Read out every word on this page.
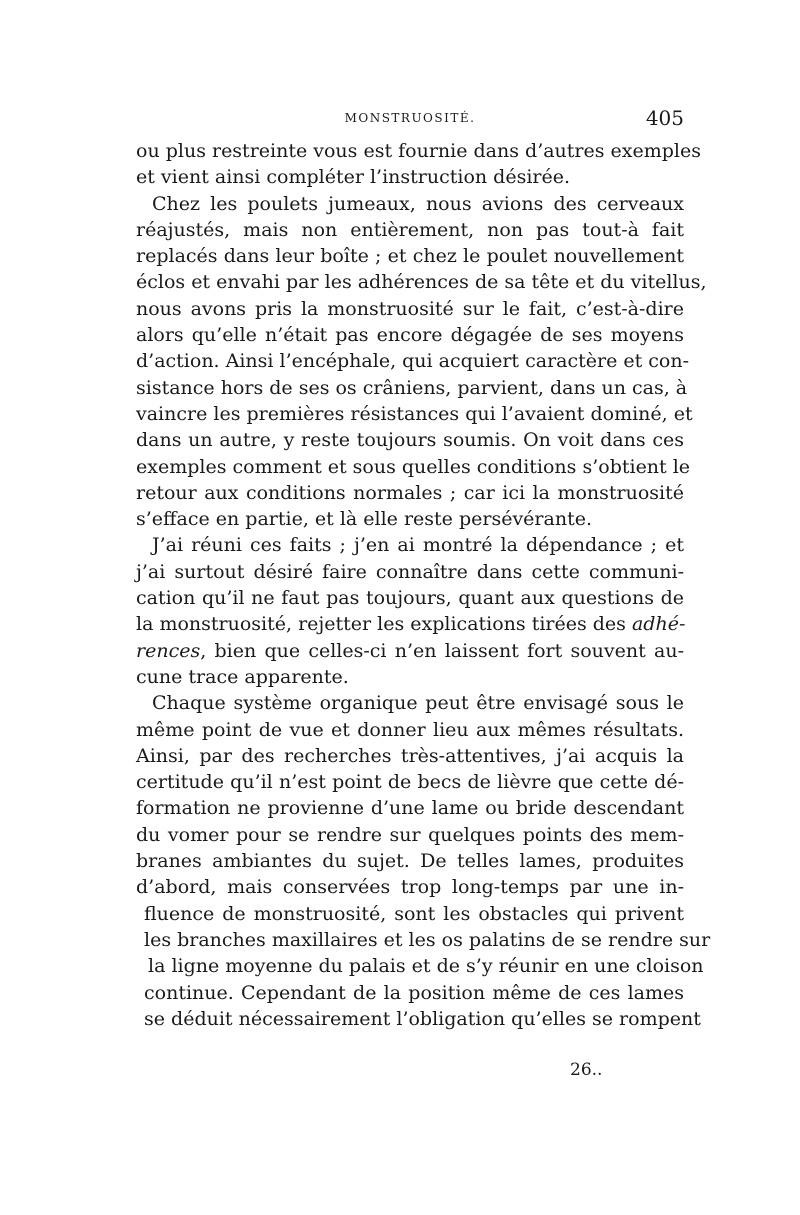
MONSTRUOSITÉ.	405
ou plus restreinte vous est fournie dans d’autres exemples
et vient ainsi compléter l’instruction désirée.
Chez les poulets jumeaux, nous avions des cerveaux
réajustés, mais non entièrement, non pas tout-à fait
replacés dans leur boîte ; et chez le poulet nouvellement
éclos et envahi par les adhérences de sa tête et du vitellus,
nous avons pris la monstruosité sur le fait, c’est-à-dire
alors qu’elle n’était pas encore dégagée de ses moyens
d’action. Ainsi l’encéphale, qui acquiert caractère et con-
sistance hors de ses os crâniens, parvient, dans un cas, à
vaincre les premières résistances qui l’avaient dominé, et
dans un autre, y reste toujours soumis. On voit dans ces
exemples comment et sous quelles conditions s’obtient le
retour aux conditions normales ; car ici la monstruosité
s’efface en partie, et là elle reste persévérante.
J’ai réuni ces faits ; j’en ai montré la dépendance ; et
j’ai surtout désiré faire connaître dans cette communi-
cation qu’il ne faut pas toujours, quant aux questions de
la monstruosité, rejetter les explications tirées des adhé-
rences, bien que celles-ci n’en laissent fort souvent au-
cune trace apparente.
Chaque système organique peut être envisagé sous le
même point de vue et donner lieu aux mêmes résultats.
Ainsi, par des recherches très-attentives, j’ai acquis la
certitude qu’il n’est point de becs de lièvre que cette dé-
formation ne provienne d’une lame ou bride descendant
du vomer pour se rendre sur quelques points des mem-
branes ambiantes du sujet. De telles lames, produites
d’abord, mais conservées trop long-temps par une in-
fluence de monstruosité, sont les obstacles qui privent
les branches maxillaires et les os palatins de se rendre sur
la ligne moyenne du palais et de s’y réunir en une cloison
continue. Cependant de la position même de ces lames
se déduit nécessairement l’obligation qu’elles se rompent
26..
